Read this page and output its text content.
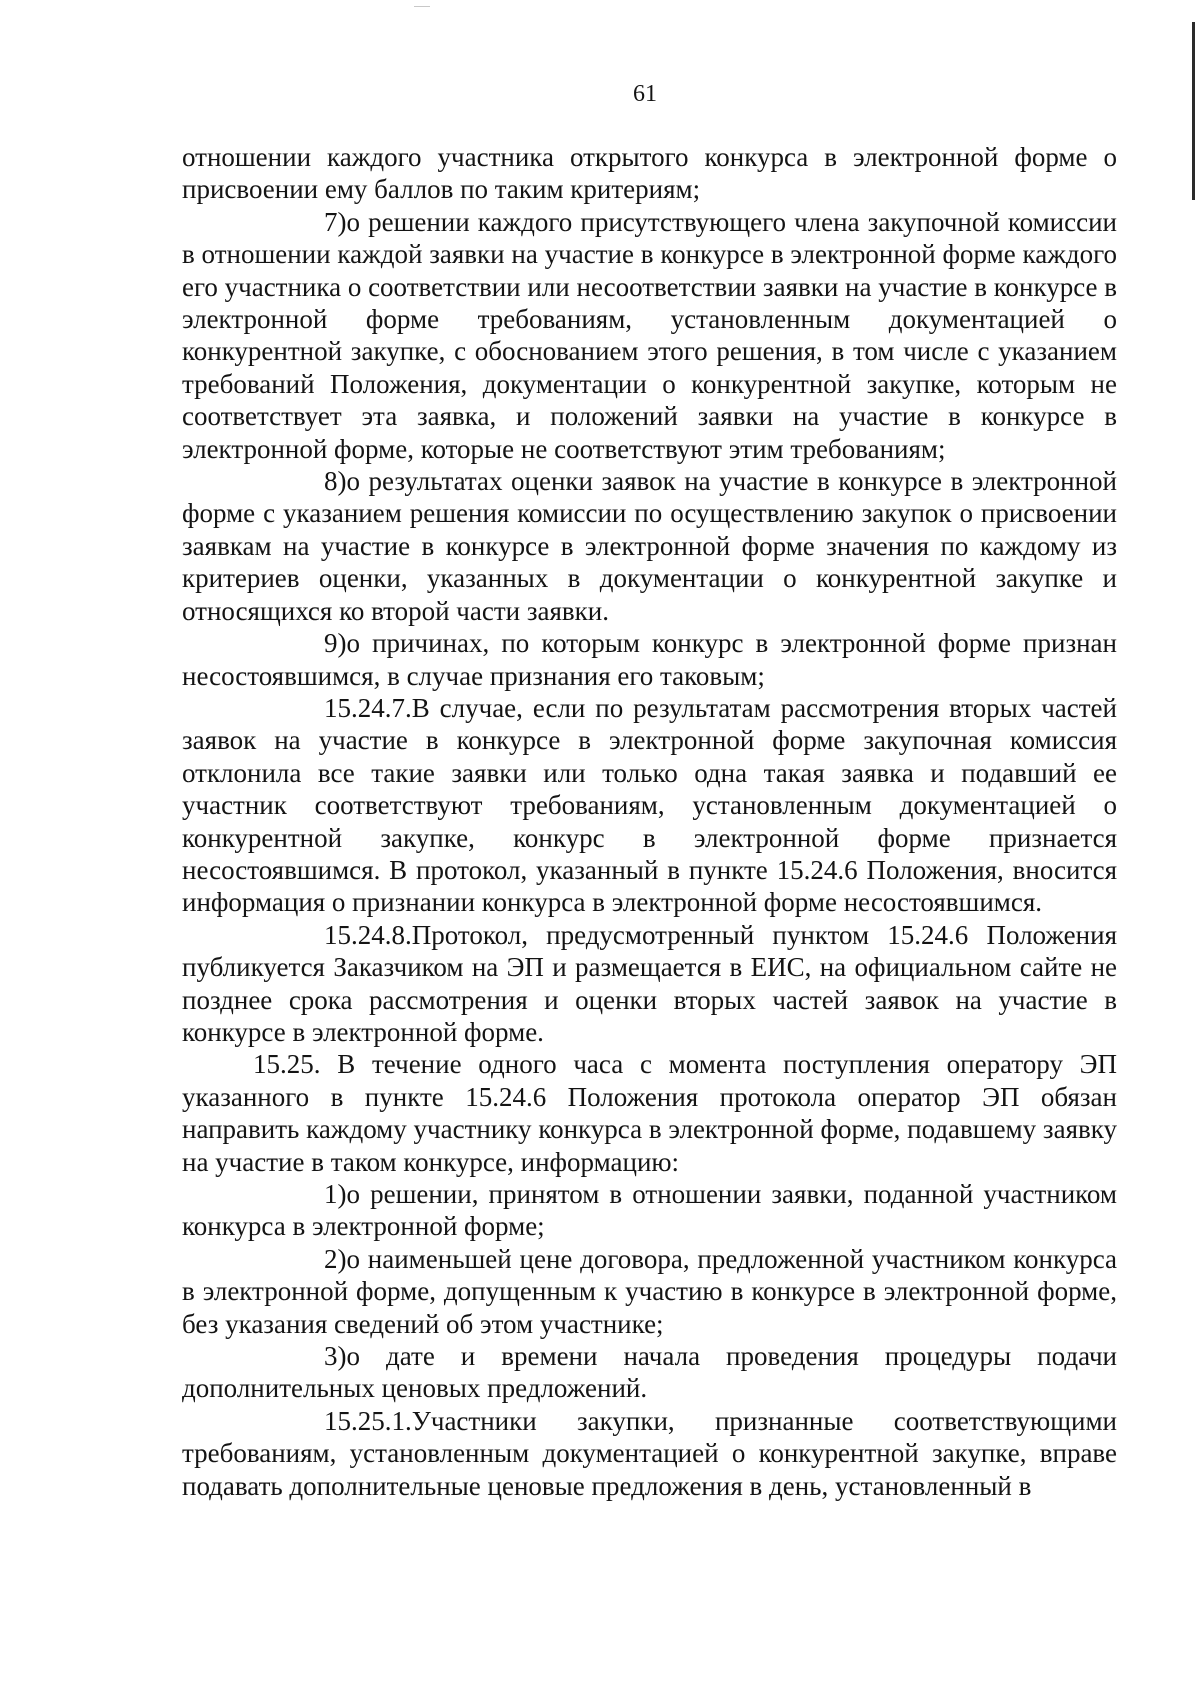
61

отношении каждого участника открытого конкурса в электронной форме о присвоении ему баллов по таким критериям;

7)о решении каждого присутствующего члена закупочной комиссии в отношении каждой заявки на участие в конкурсе в электронной форме каждого его участника о соответствии или несоответствии заявки на участие в конкурсе в электронной форме требованиям, установленным документацией о конкурентной закупке, с обоснованием этого решения, в том числе с указанием требований Положения, документации о конкурентной закупке, которым не соответствует эта заявка, и положений заявки на участие в конкурсе в электронной форме, которые не соответствуют этим требованиям;

8)о результатах оценки заявок на участие в конкурсе в электронной форме с указанием решения комиссии по осуществлению закупок о присвоении заявкам на участие в конкурсе в электронной форме значения по каждому из критериев оценки, указанных в документации о конкурентной закупке и относящихся ко второй части заявки.

9)о причинах, по которым конкурс в электронной форме признан несостоявшимся, в случае признания его таковым;

15.24.7.В случае, если по результатам рассмотрения вторых частей заявок на участие в конкурсе в электронной форме закупочная комиссия отклонила все такие заявки или только одна такая заявка и подавший ее участник соответствуют требованиям, установленным документацией о конкурентной закупке, конкурс в электронной форме признается несостоявшимся. В протокол, указанный в пункте 15.24.6 Положения, вносится информация о признании конкурса в электронной форме несостоявшимся.

15.24.8.Протокол, предусмотренный пунктом 15.24.6 Положения публикуется Заказчиком на ЭП и размещается в ЕИС, на официальном сайте не позднее срока рассмотрения и оценки вторых частей заявок на участие в конкурсе в электронной форме.

15.25. В течение одного часа с момента поступления оператору ЭП указанного в пункте 15.24.6 Положения протокола оператор ЭП обязан направить каждому участнику конкурса в электронной форме, подавшему заявку на участие в таком конкурсе, информацию:

1)о решении, принятом в отношении заявки, поданной участником конкурса в электронной форме;

2)о наименьшей цене договора, предложенной участником конкурса в электронной форме, допущенным к участию в конкурсе в электронной форме, без указания сведений об этом участнике;

3)о дате и времени начала проведения процедуры подачи дополнительных ценовых предложений.

15.25.1.Участники закупки, признанные соответствующими требованиям, установленным документацией о конкурентной закупке, вправе подавать дополнительные ценовые предложения в день, установленный в
